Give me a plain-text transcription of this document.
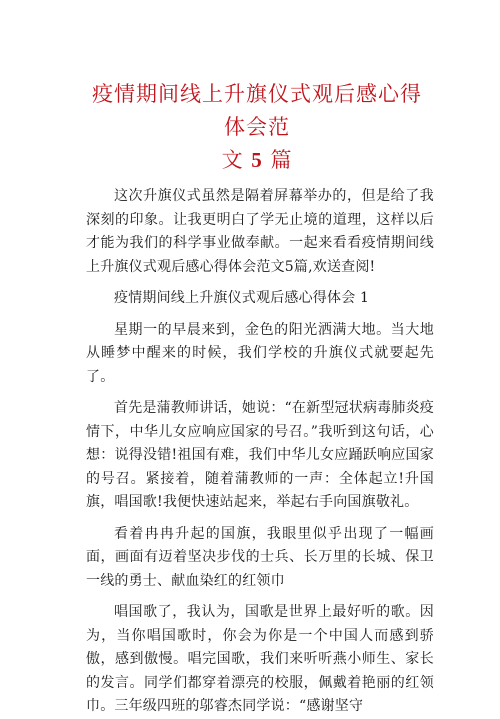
疫情期间线上升旗仪式观后感心得体会范
文 5 篇

这次升旗仪式虽然是隔着屏幕举办的，但是给了我深刻的印象。让我更明白了学无止境的道理，这样以后才能为我们的科学事业做奉献。一起来看看疫情期间线上升旗仪式观后感心得体会范文5篇,欢送查阅!

疫情期间线上升旗仪式观后感心得体会 1

星期一的早晨来到，金色的阳光洒满大地。当大地从睡梦中醒来的时候，我们学校的升旗仪式就要起先了。

首先是蒲教师讲话，她说：“在新型冠状病毒肺炎疫情下，中华儿女应响应国家的号召。”我听到这句话，心想：说得没错!祖国有难，我们中华儿女应踊跃响应国家的号召。紧接着，随着蒲教师的一声：全体起立!升国旗，唱国歌!我便快速站起来，举起右手向国旗敬礼。

看着冉冉升起的国旗，我眼里似乎出现了一幅画面，画面有迈着坚决步伐的士兵、长万里的长城、保卫一线的勇士、献血染红的红领巾

唱国歌了，我认为，国歌是世界上最好听的歌。因为，当你唱国歌时，你会为你是一个中国人而感到骄傲，感到傲慢。唱完国歌，我们来听听燕小师生、家长的发言。同学们都穿着漂亮的校服，佩戴着艳丽的红领巾。三年级四班的邬睿杰同学说：“感谢坚守
